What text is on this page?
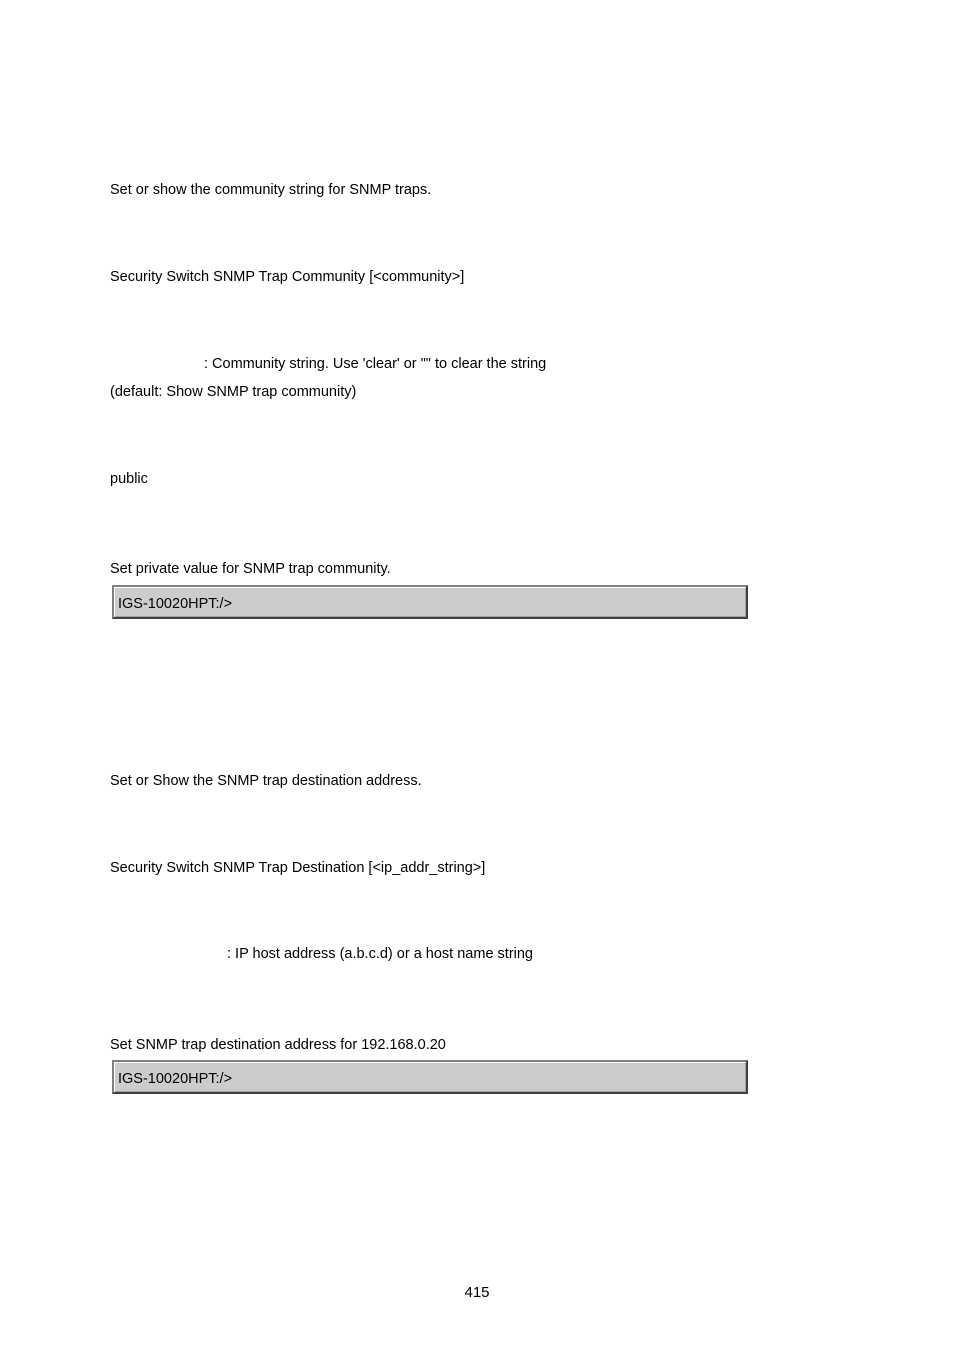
Set or show the community string for SNMP traps.
Security Switch SNMP Trap Community [<community>]
: Community string. Use 'clear' or "" to clear the string
(default: Show SNMP trap community)
public
Set private value for SNMP trap community.
IGS-10020HPT:/>
Set or Show the SNMP trap destination address.
Security Switch SNMP Trap Destination [<ip_addr_string>]
: IP host address (a.b.c.d) or a host name string
Set SNMP trap destination address for 192.168.0.20
IGS-10020HPT:/>
415
